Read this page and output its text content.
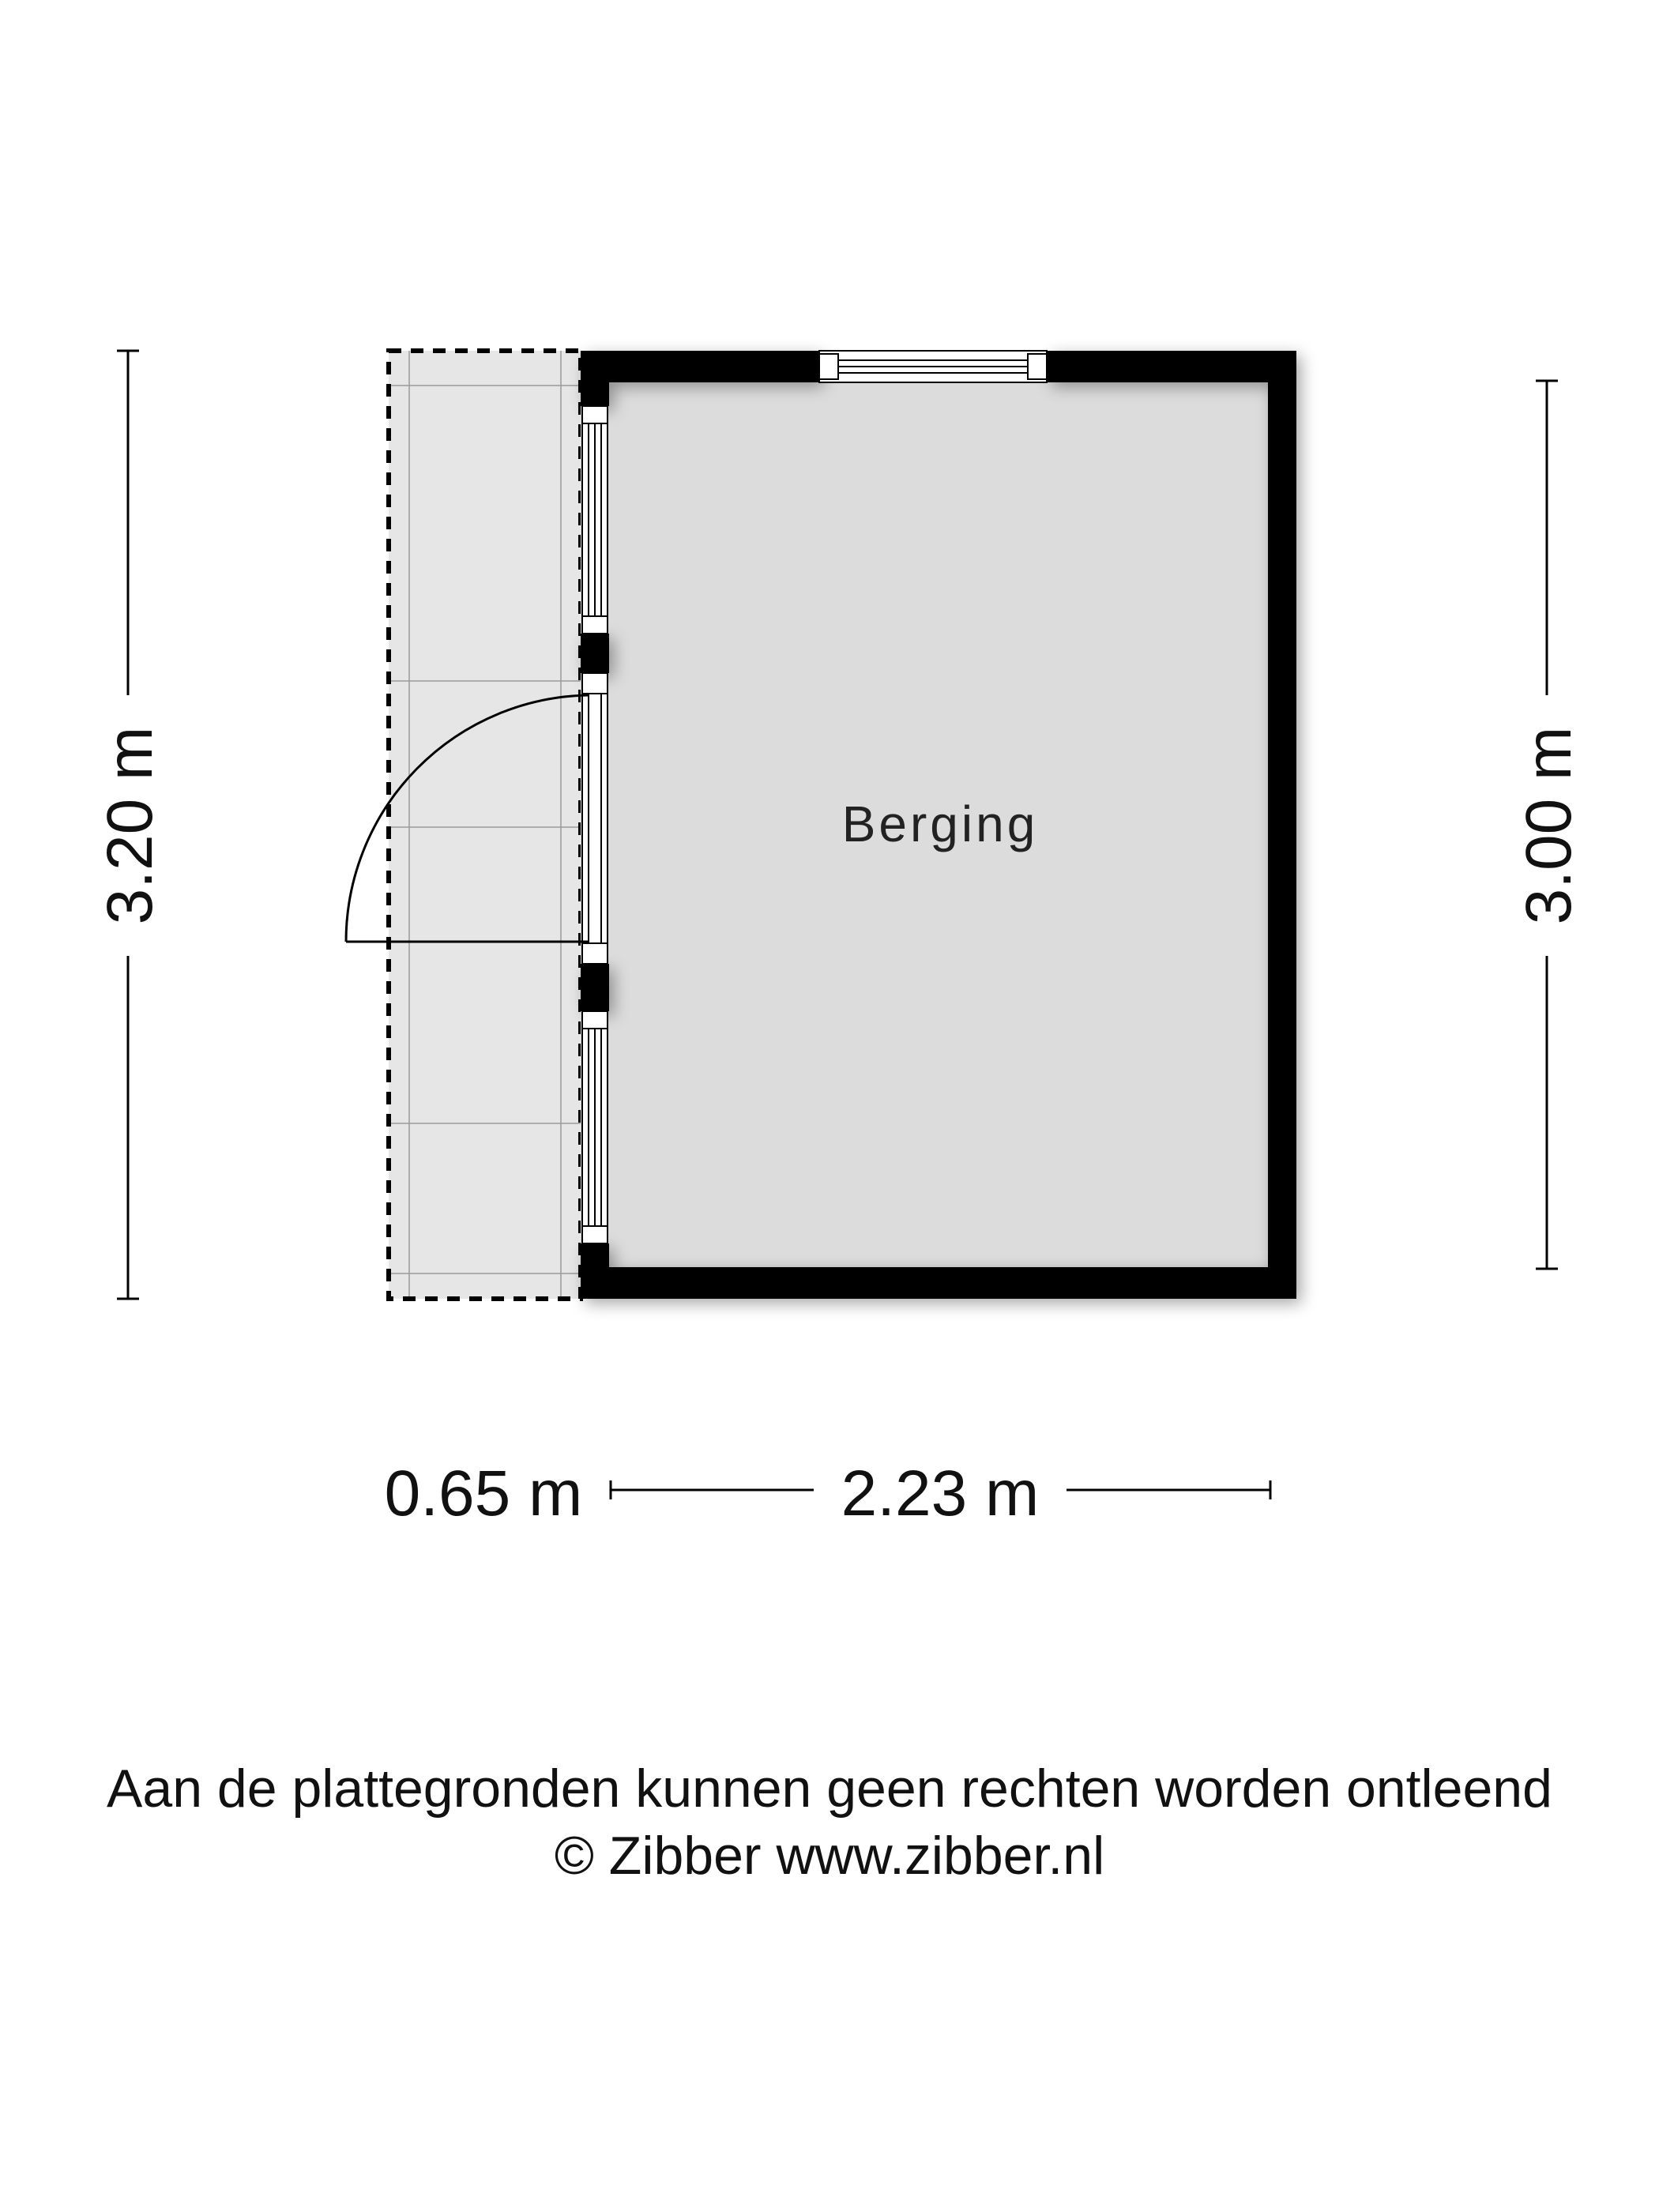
Berging
3.20 m	3.00 m
0.65 m	2.23 m
Aan de plattegronden kunnen geen rechten worden ontleend
© Zibber www.zibber.nl
